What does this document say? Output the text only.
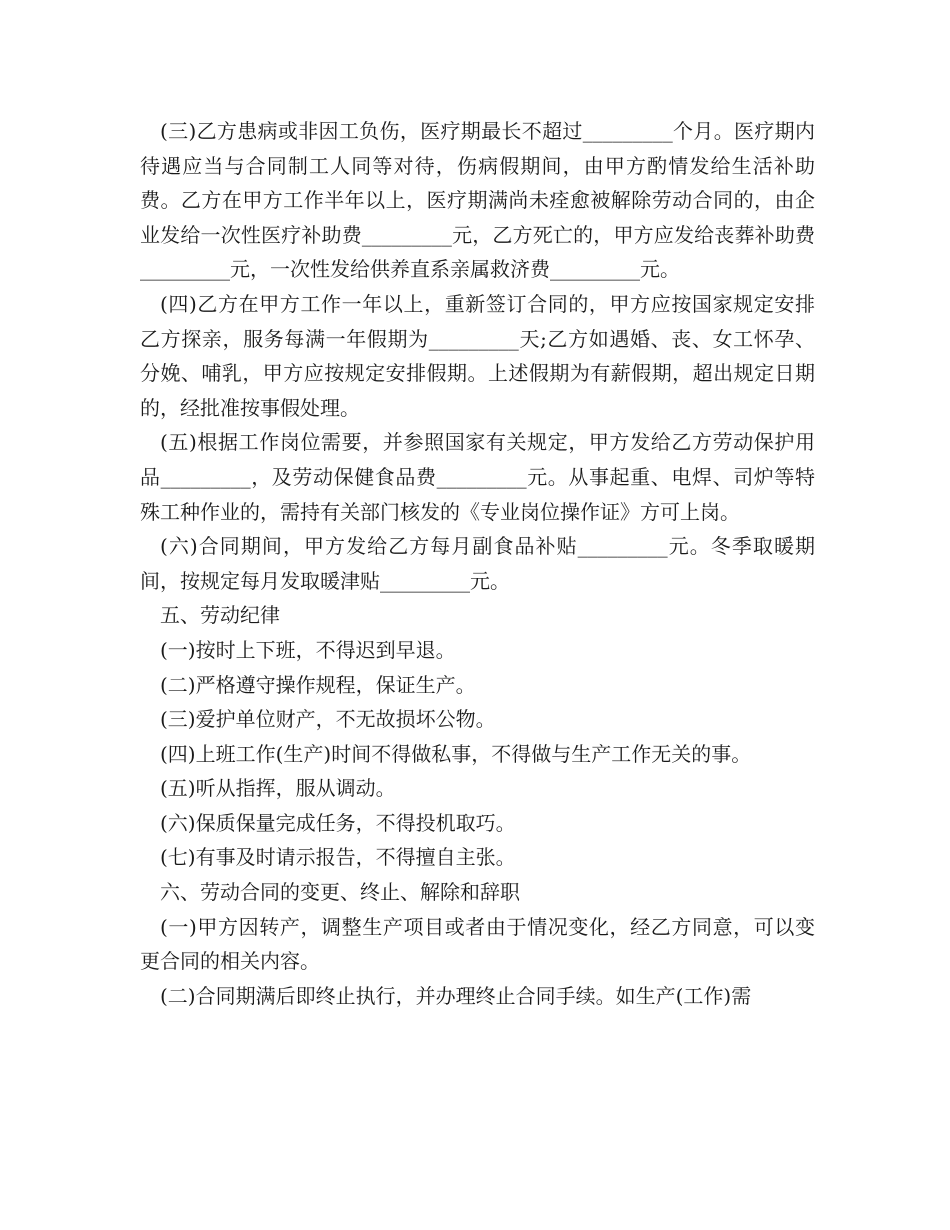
(三)乙方患病或非因工负伤，医疗期最长不超过_________个月。医疗期内待遇应当与合同制工人同等对待，伤病假期间，由甲方酌情发给生活补助费。乙方在甲方工作半年以上，医疗期满尚未痊愈被解除劳动合同的，由企业发给一次性医疗补助费_________元，乙方死亡的，甲方应发给丧葬补助费_________元，一次性发给供养直系亲属救济费_________元。

(四)乙方在甲方工作一年以上，重新签订合同的，甲方应按国家规定安排乙方探亲，服务每满一年假期为_________天;乙方如遇婚、丧、女工怀孕、分娩、哺乳，甲方应按规定安排假期。上述假期为有薪假期，超出规定日期的，经批准按事假处理。

(五)根据工作岗位需要，并参照国家有关规定，甲方发给乙方劳动保护用品_________，及劳动保健食品费_________元。从事起重、电焊、司炉等特殊工种作业的，需持有关部门核发的《专业岗位操作证》方可上岗。

(六)合同期间，甲方发给乙方每月副食品补贴_________元。冬季取暖期间，按规定每月发取暖津贴_________元。

五、劳动纪律

(一)按时上下班，不得迟到早退。

(二)严格遵守操作规程，保证生产。

(三)爱护单位财产，不无故损坏公物。

(四)上班工作(生产)时间不得做私事，不得做与生产工作无关的事。

(五)听从指挥，服从调动。

(六)保质保量完成任务，不得投机取巧。

(七)有事及时请示报告，不得擅自主张。

六、劳动合同的变更、终止、解除和辞职

(一)甲方因转产，调整生产项目或者由于情况变化，经乙方同意，可以变更合同的相关内容。

(二)合同期满后即终止执行，并办理终止合同手续。如生产(工作)需
